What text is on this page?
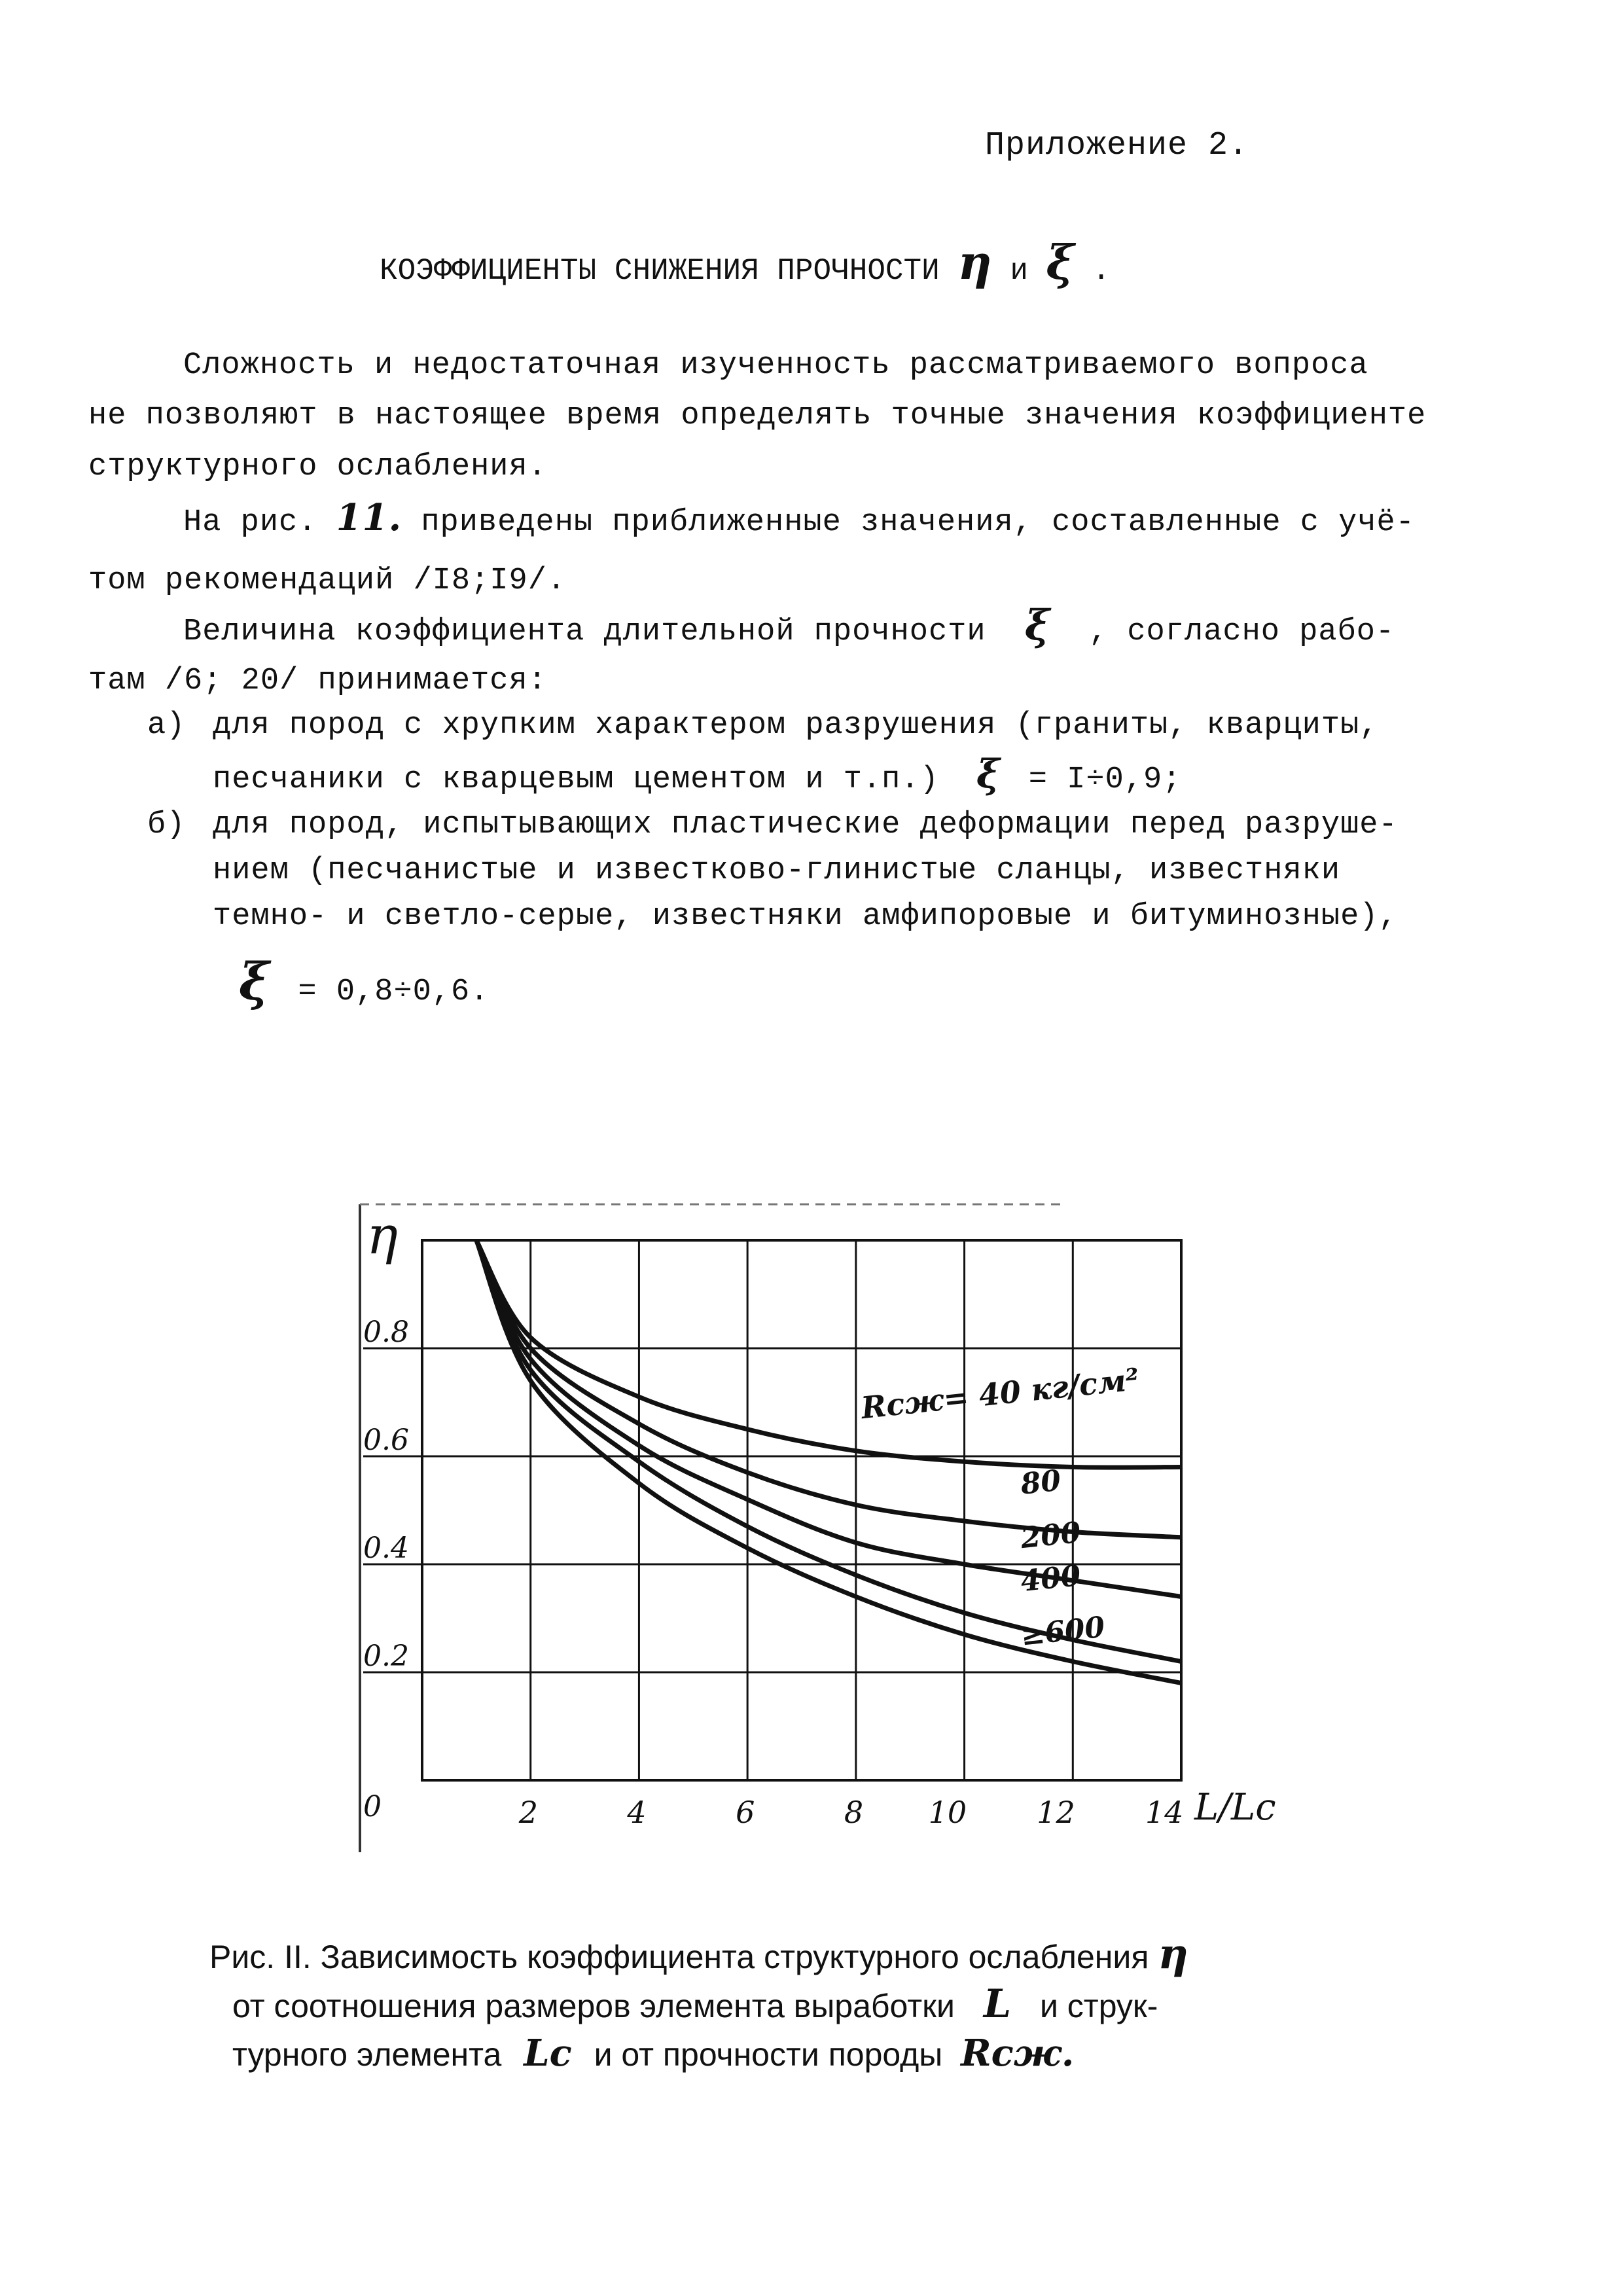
Приложение 2.
КОЭФФИЦИЕНТЫ СНИЖЕНИЯ ПРОЧНОСТИ η и ξ .
Сложность и недостаточная изученность рассматриваемого вопроса
не позволяют в настоящее время определять точные значения коэффициенте
структурного ослабления.
На рис. 11. приведены приближенные значения, составленные с учё-
том рекомендаций /I8;I9/.
Величина коэффициента длительной прочности ξ , согласно рабо-
там /6; 20/ принимается:
а) для пород с хрупким характером разрушения (граниты, кварциты,
песчаники с кварцевым цементом и т.п.) ξ = I÷0,9;
б) для пород, испытывающих пластические деформации перед разруше-
нием (песчанистые и известково-глинистые сланцы, известняки
темно- и светло-серые, известняки амфипоровые и битуминозные),
ξ = 0,8÷0,6.
0
0.2
0.4
0.6
0.8
2	4	6	8 10 12 14
η
L/Lc
Rсж= 40 кг/см²
80
200
400
≥600
Рис. II. Зависимость коэффициента структурного ослабления η
от соотношения размеров элемента выработки L и струк-
турного элемента Lc и от прочности породы Rсж.
